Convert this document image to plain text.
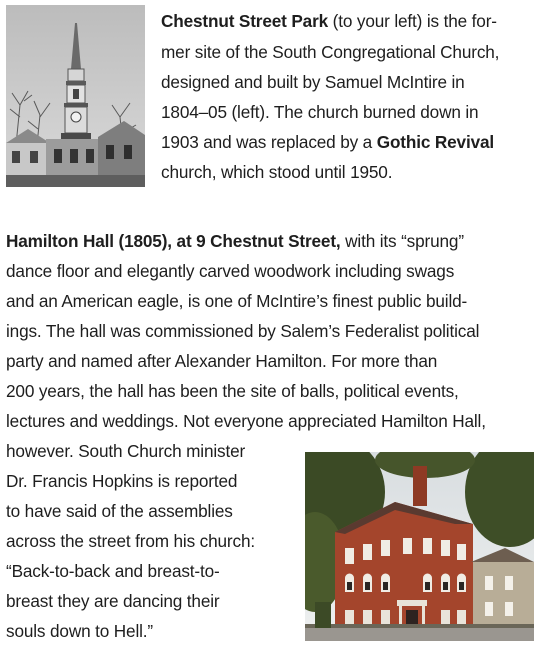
Chestnut Street Park (to your left) is the for-
mer site of the South Congregational Church,
designed and built by Samuel McIntire in
1804–05 (left). The church burned down in
1903 and was replaced by a Gothic Revival
church, which stood until 1950.
Hamilton Hall (1805), at 9 Chestnut Street, with its “sprung”
dance floor and elegantly carved woodwork including swags
and an American eagle, is one of McIntire’s finest public build-
ings. The hall was commissioned by Salem’s Federalist political
party and named after Alexander Hamilton. For more than
200 years, the hall has been the site of balls, political events,
lectures and weddings. Not everyone appreciated Hamilton Hall,
however. South Church minister
Dr. Francis Hopkins is reported
to have said of the assemblies
across the street from his church:
“Back-to-back and breast-to-
breast they are dancing their
souls down to Hell.”
